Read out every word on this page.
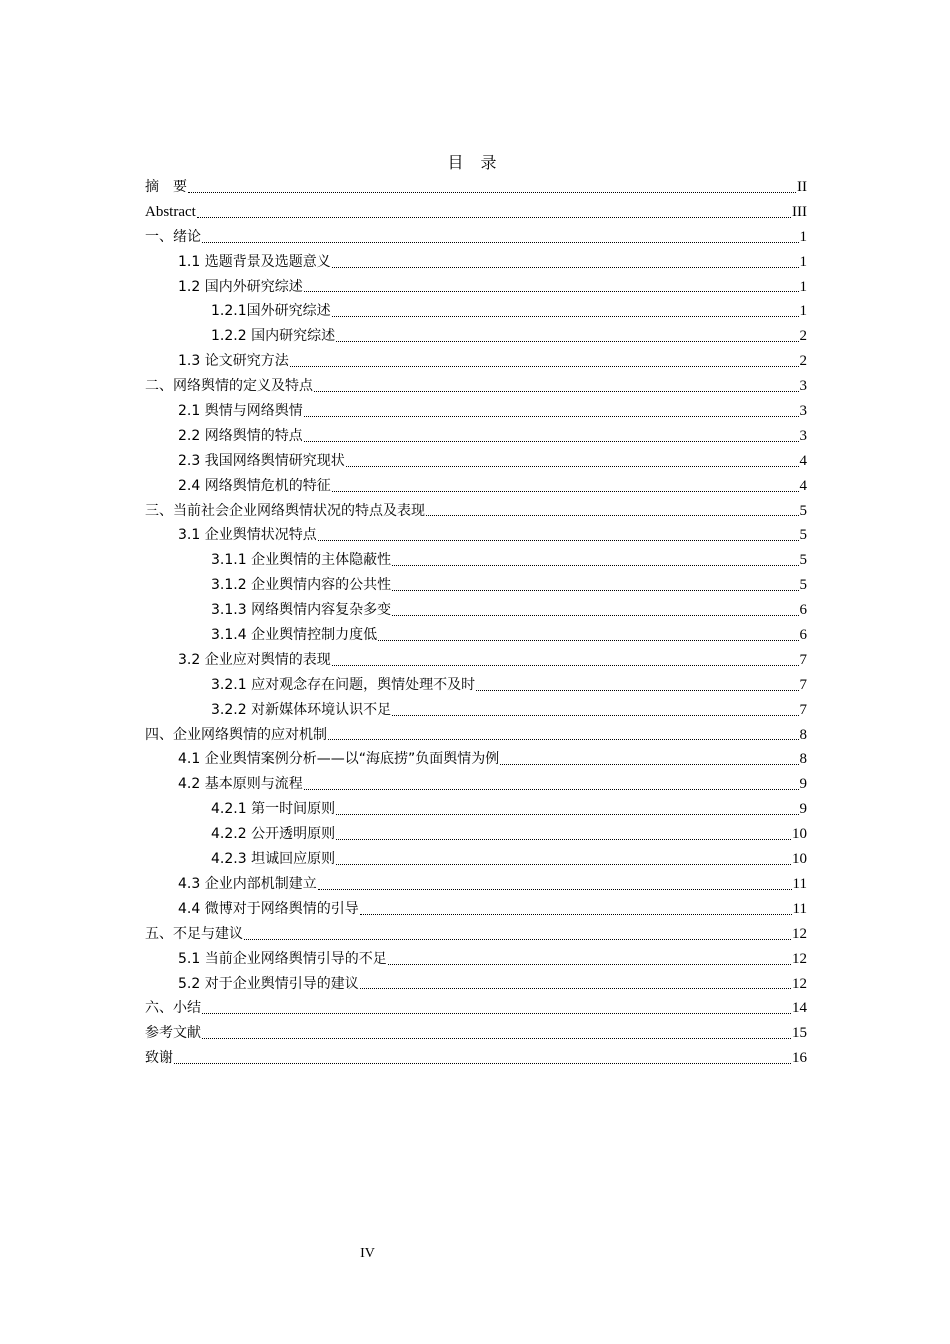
目 录
摘　要	II
Abstract	III
一、绪论	1
1.1 选题背景及选题意义	1
1.2 国内外研究综述	1
1.2.1国外研究综述	1
1.2.2 国内研究综述	2
1.3 论文研究方法	2
二、网络舆情的定义及特点	3
2.1 舆情与网络舆情	3
2.2 网络舆情的特点	3
2.3 我国网络舆情研究现状	4
2.4 网络舆情危机的特征	4
三、当前社会企业网络舆情状况的特点及表现	5
3.1 企业舆情状况特点	5
3.1.1 企业舆情的主体隐蔽性	5
3.1.2 企业舆情内容的公共性	5
3.1.3 网络舆情内容复杂多变	6
3.1.4 企业舆情控制力度低	6
3.2 企业应对舆情的表现	7
3.2.1 应对观念存在问题，舆情处理不及时	7
3.2.2 对新媒体环境认识不足	7
四、企业网络舆情的应对机制	8
4.1 企业舆情案例分析——以“海底捞”负面舆情为例	8
4.2 基本原则与流程	9
4.2.1 第一时间原则	9
4.2.2 公开透明原则	10
4.2.3 坦诚回应原则	10
4.3 企业内部机制建立	11
4.4 微博对于网络舆情的引导	11
五、不足与建议	12
5.1 当前企业网络舆情引导的不足	12
5.2 对于企业舆情引导的建议	12
六、小结	14
参考文献	15
致谢	16
IV
